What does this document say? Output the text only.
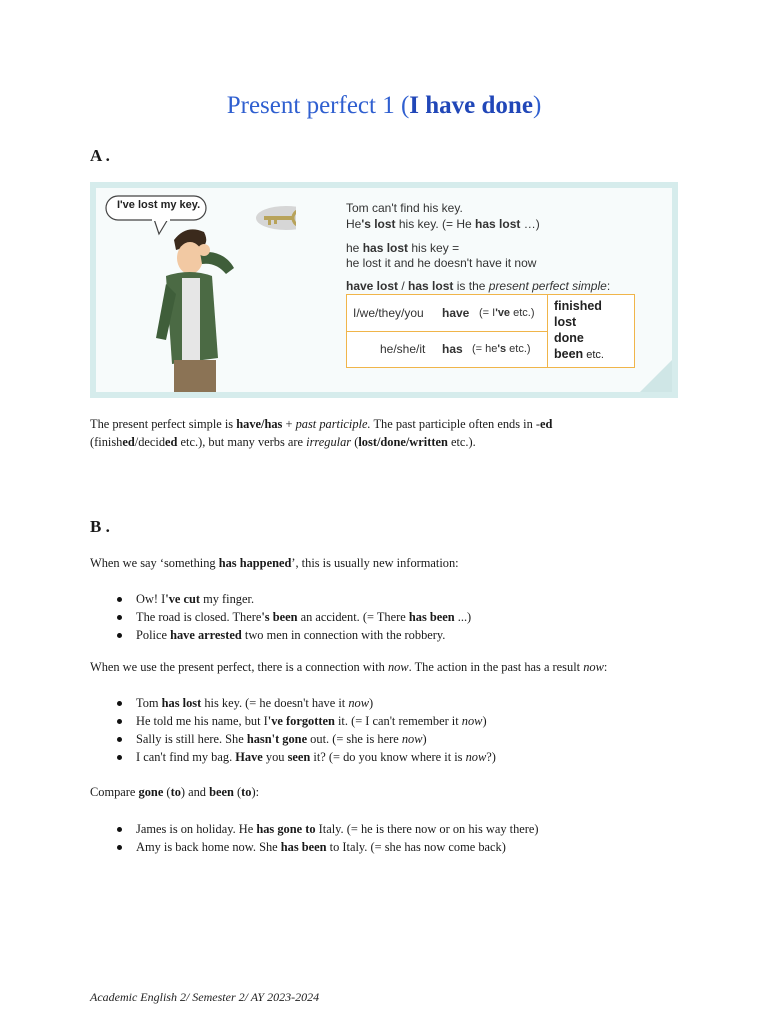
Present perfect 1 (I have done)
A .
I've lost my key.	Tom can't find his key.
He's lost his key. (= He has lost …)
he has lost his key =
he lost it and he doesn't have it now
have lost / has lost is the present perfect simple:
I/we/they/you have (= I've etc.)
he/she/it has (= he's etc.)
finished
lost
done
been etc.
The present perfect simple is have/has + past participle. The past participle often ends in -ed
(finished/decided etc.), but many verbs are irregular (lost/done/written etc.).
B .
When we say ‘something has happened’, this is usually new information:
Ow! I've cut my finger.
The road is closed. There's been an accident. (= There has been ...)
Police have arrested two men in connection with the robbery.
When we use the present perfect, there is a connection with now. The action in the past has a result now:
Tom has lost his key. (= he doesn't have it now)
He told me his name, but I've forgotten it. (= I can't remember it now)
Sally is still here. She hasn't gone out. (= she is here now)
I can't find my bag. Have you seen it? (= do you know where it is now?)
Compare gone (to) and been (to):
James is on holiday. He has gone to Italy. (= he is there now or on his way there)
Amy is back home now. She has been to Italy. (= she has now come back)
Academic English 2/ Semester 2/ AY 2023-2024
